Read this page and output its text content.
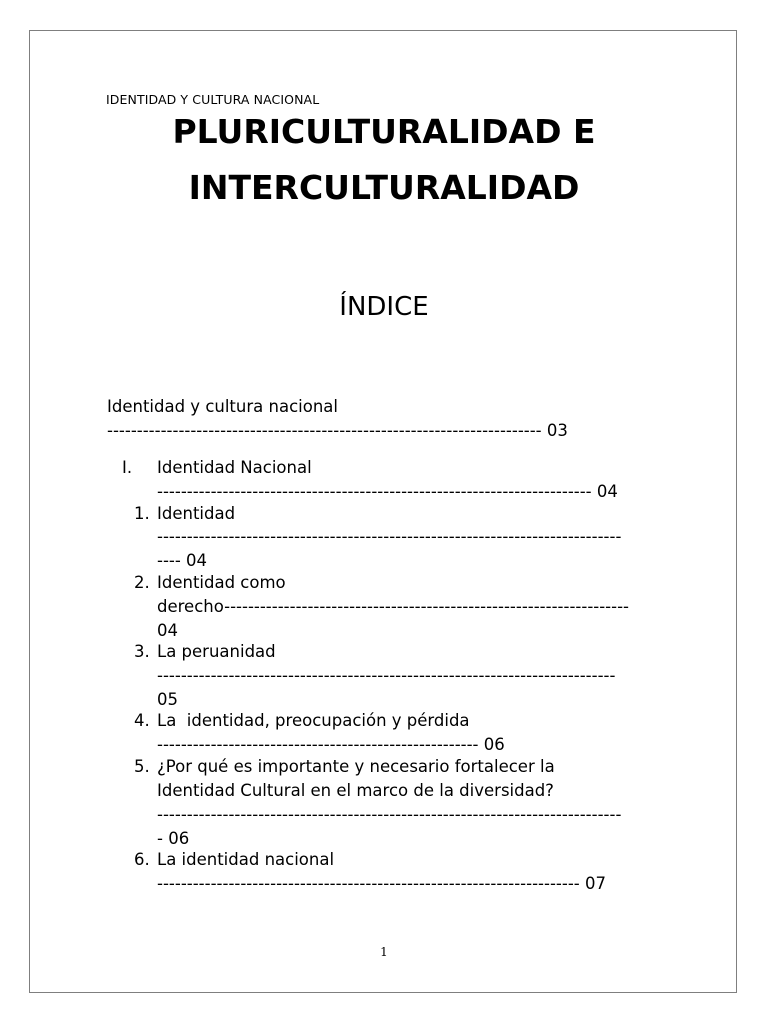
IDENTIDAD Y CULTURA NACIONAL
PLURICULTURALIDAD E
INTERCULTURALIDAD
ÍNDICE
Identidad y cultura nacional
------------------------------------------------------------------------- 03
I. Identidad Nacional
------------------------------------------------------------------------- 04
1. Identidad
------------------------------------------------------------------------------
---- 04
2. Identidad como
derecho--------------------------------------------------------------------
04
3. La peruanidad
-----------------------------------------------------------------------------
05
4. La  identidad, preocupación y pérdida
------------------------------------------------------ 06
5. ¿Por qué es importante y necesario fortalecer la
Identidad Cultural en el marco de la diversidad?
------------------------------------------------------------------------------
- 06
6. La identidad nacional
----------------------------------------------------------------------- 07
1
